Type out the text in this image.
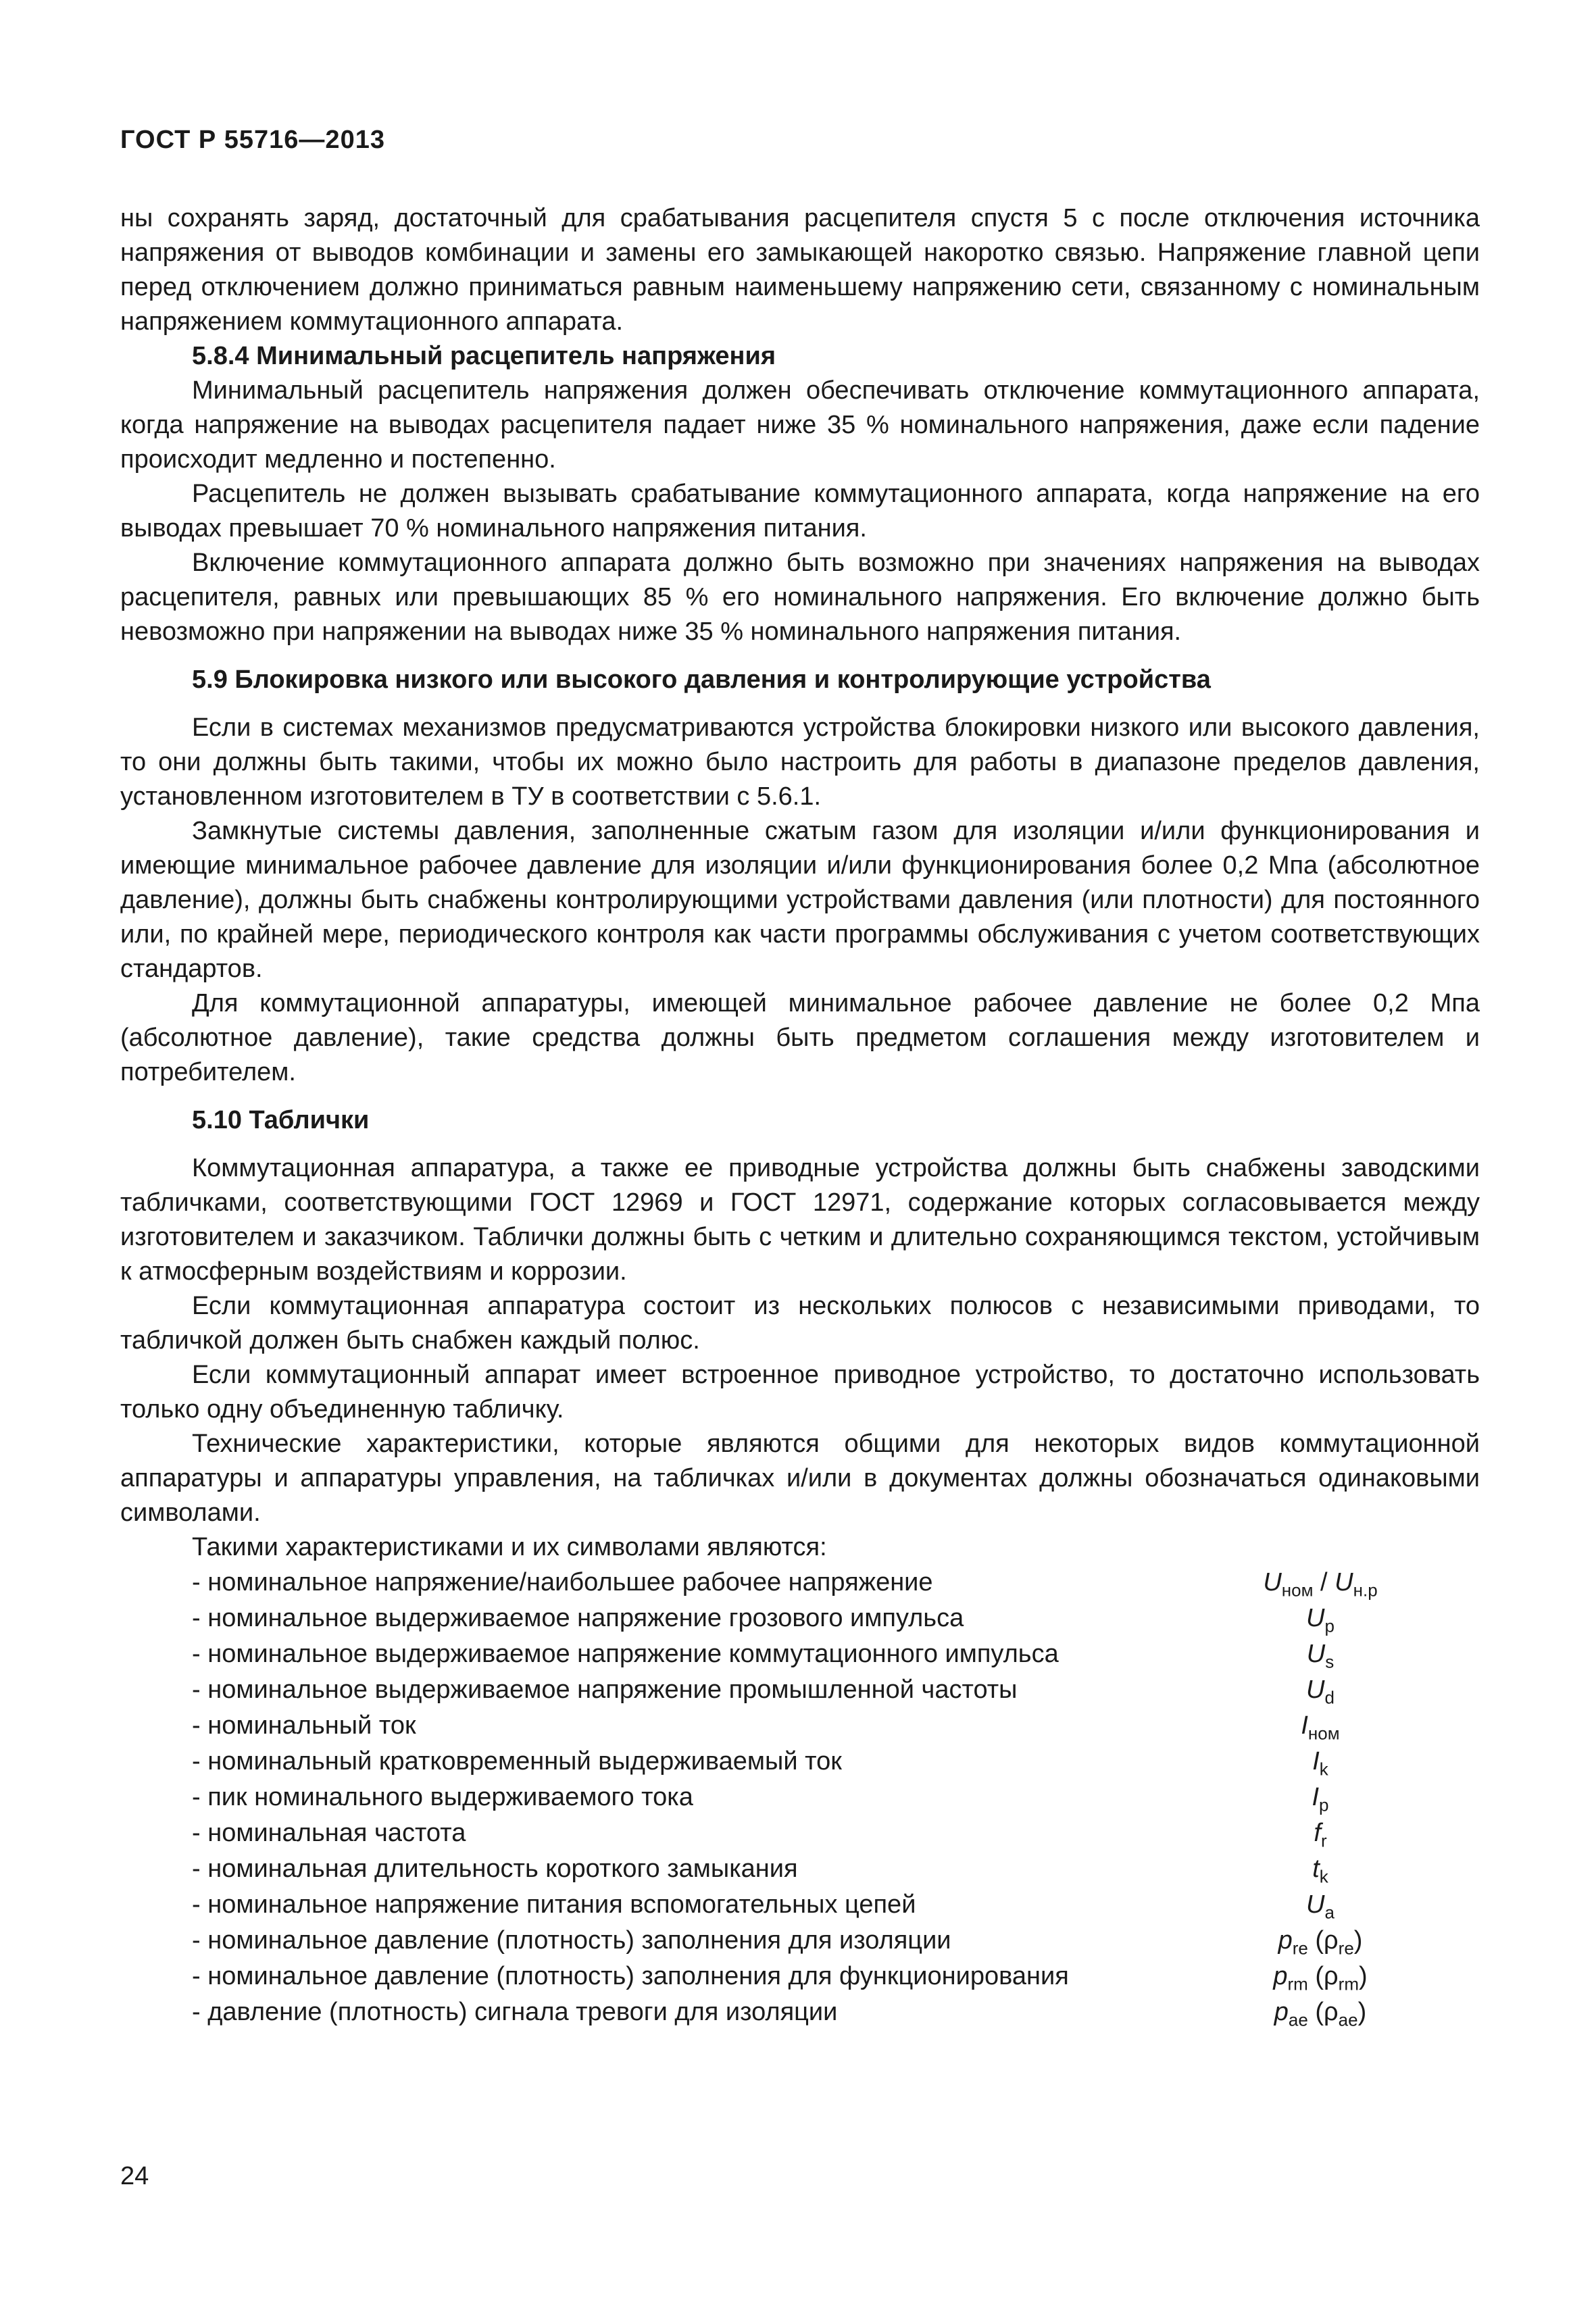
ГОСТ Р 55716—2013

ны сохранять заряд, достаточный для срабатывания расцепителя спустя 5 с после отключения источника напряжения от выводов комбинации и замены его замыкающей накоротко связью. Напряжение главной цепи перед отключением должно приниматься равным наименьшему напряжению сети, связанному с номинальным напряжением коммутационного аппарата.

5.8.4 Минимальный расцепитель напряжения

Минимальный расцепитель напряжения должен обеспечивать отключение коммутационного аппарата, когда напряжение на выводах расцепителя падает ниже 35 % номинального напряжения, даже если падение происходит медленно и постепенно.

Расцепитель не должен вызывать срабатывание коммутационного аппарата, когда напряжение на его выводах превышает 70 % номинального напряжения питания.

Включение коммутационного аппарата должно быть возможно при значениях напряжения на выводах расцепителя, равных или превышающих 85 % его номинального напряжения. Его включение должно быть невозможно при напряжении на выводах ниже 35 % номинального напряжения питания.

5.9 Блокировка низкого или высокого давления и контролирующие устройства

Если в системах механизмов предусматриваются устройства блокировки низкого или высокого давления, то они должны быть такими, чтобы их можно было настроить для работы в диапазоне пределов давления, установленном изготовителем в ТУ в соответствии с 5.6.1.

Замкнутые системы давления, заполненные сжатым газом для изоляции и/или функционирования и имеющие минимальное рабочее давление для изоляции и/или функционирования более 0,2 Мпа (абсолютное давление), должны быть снабжены контролирующими устройствами давления (или плотности) для постоянного или, по крайней мере, периодического контроля как части программы обслуживания с учетом соответствующих стандартов.

Для коммутационной аппаратуры, имеющей минимальное рабочее давление не более 0,2 Мпа (абсолютное давление), такие средства должны быть предметом соглашения между изготовителем и потребителем.

5.10 Таблички

Коммутационная аппаратура, а также ее приводные устройства должны быть снабжены заводскими табличками, соответствующими ГОСТ 12969 и ГОСТ 12971, содержание которых согласовывается между изготовителем и заказчиком. Таблички должны быть с четким и длительно сохраняющимся текстом, устойчивым к атмосферным воздействиям и коррозии.

Если коммутационная аппаратура состоит из нескольких полюсов с независимыми приводами, то табличкой должен быть снабжен каждый полюс.

Если коммутационный аппарат имеет встроенное приводное устройство, то достаточно использовать только одну объединенную табличку.

Технические характеристики, которые являются общими для некоторых видов коммутационной аппаратуры и аппаратуры управления, на табличках и/или в документах должны обозначаться одинаковыми символами.

Такими характеристиками и их символами являются:

- номинальное напряжение/наибольшее рабочее напряжение	$U_{ном} / U_{н.р}$
- номинальное выдерживаемое напряжение грозового импульса	$U_p$
- номинальное выдерживаемое напряжение коммутационного импульса	$U_s$
- номинальное выдерживаемое напряжение промышленной частоты	$U_d$
- номинальный ток	$I_{ном}$
- номинальный кратковременный выдерживаемый ток	$I_k$
- пик номинального выдерживаемого тока	$I_p$
- номинальная частота	$f_r$
- номинальная длительность короткого замыкания	$t_k$
- номинальное напряжение питания вспомогательных цепей	$U_a$
- номинальное давление (плотность) заполнения для изоляции	$p_{re}$ $(\rho_{re})$
- номинальное давление (плотность) заполнения для функционирования	$p_{rm}$ $(\rho_{rm})$
- давление (плотность) сигнала тревоги для изоляции	$p_{ae}$ $(\rho_{ae})$
24
